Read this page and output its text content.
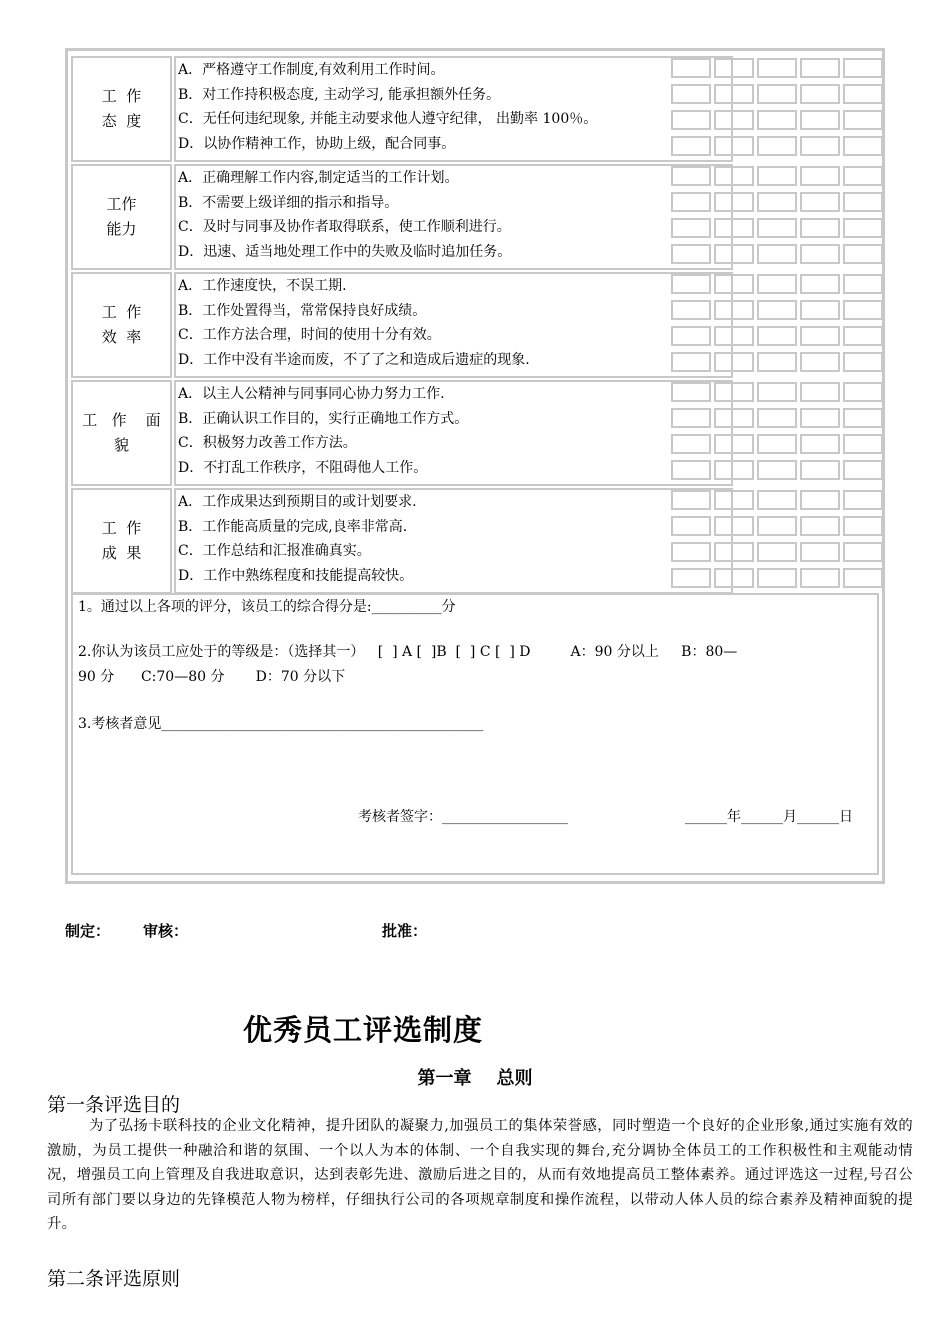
工  作
态  度
A．严格遵守工作制度,有效利用工作时间。
B．对工作持积极态度, 主动学习, 能承担额外任务。
C．无任何违纪现象, 并能主动要求他人遵守纪律， 出勤率 100％。
D．以协作精神工作，协助上级，配合同事。
工作
能力
A．正确理解工作内容,制定适当的工作计划。
B．不需要上级详细的指示和指导。
C．及时与同事及协作者取得联系，使工作顺利进行。
D．迅速、适当地处理工作中的失败及临时追加任务。
工  作
效  率
A．工作速度快，不误工期.
B．工作处置得当，常常保持良好成绩。
C．工作方法合理，时间的使用十分有效。
D．工作中没有半途而废，不了了之和造成后遗症的现象.
工   作    面
貌
A．以主人公精神与同事同心协力努力工作.
B．正确认识工作目的，实行正确地工作方式。
C．积极努力改善工作方法。
D．不打乱工作秩序，不阻碍他人工作。
工  作
成  果
A．工作成果达到预期目的或计划要求.
B．工作能高质量的完成,良率非常高.
C．工作总结和汇报准确真实。
D．工作中熟练程度和技能提高较快。
1。通过以上各项的评分，该员工的综合得分是:__________分
2.你认为该员工应处于的等级是：（选择其一）   [  ] A [  ]B  [  ] C [  ] D         A：90 分以上     B：80—
90 分      C:70—80 分       D：70 分以下
3.考核者意见______________________________________________
考核者签字：__________________	______年______月______日
制定： 审核：	批准：
优秀员工评选制度
第一章    总则
第一条评选目的
为了弘扬卡联科技的企业文化精神，提升团队的凝聚力,加强员工的集体荣誉感，同时塑造一个良好的企业形象,通过实施有效的激励，为员工提供一种融洽和谐的氛围、一个以人为本的体制、一个自我实现的舞台,充分调协全体员工的工作积极性和主观能动情况，增强员工向上管理及自我进取意识，达到表彰先进、激励后进之目的，从而有效地提高员工整体素养。通过评选这一过程,号召公司所有部门要以身边的先锋模范人物为榜样，仔细执行公司的各项规章制度和操作流程，以带动人体人员的综合素养及精神面貌的提升。
第二条评选原则
